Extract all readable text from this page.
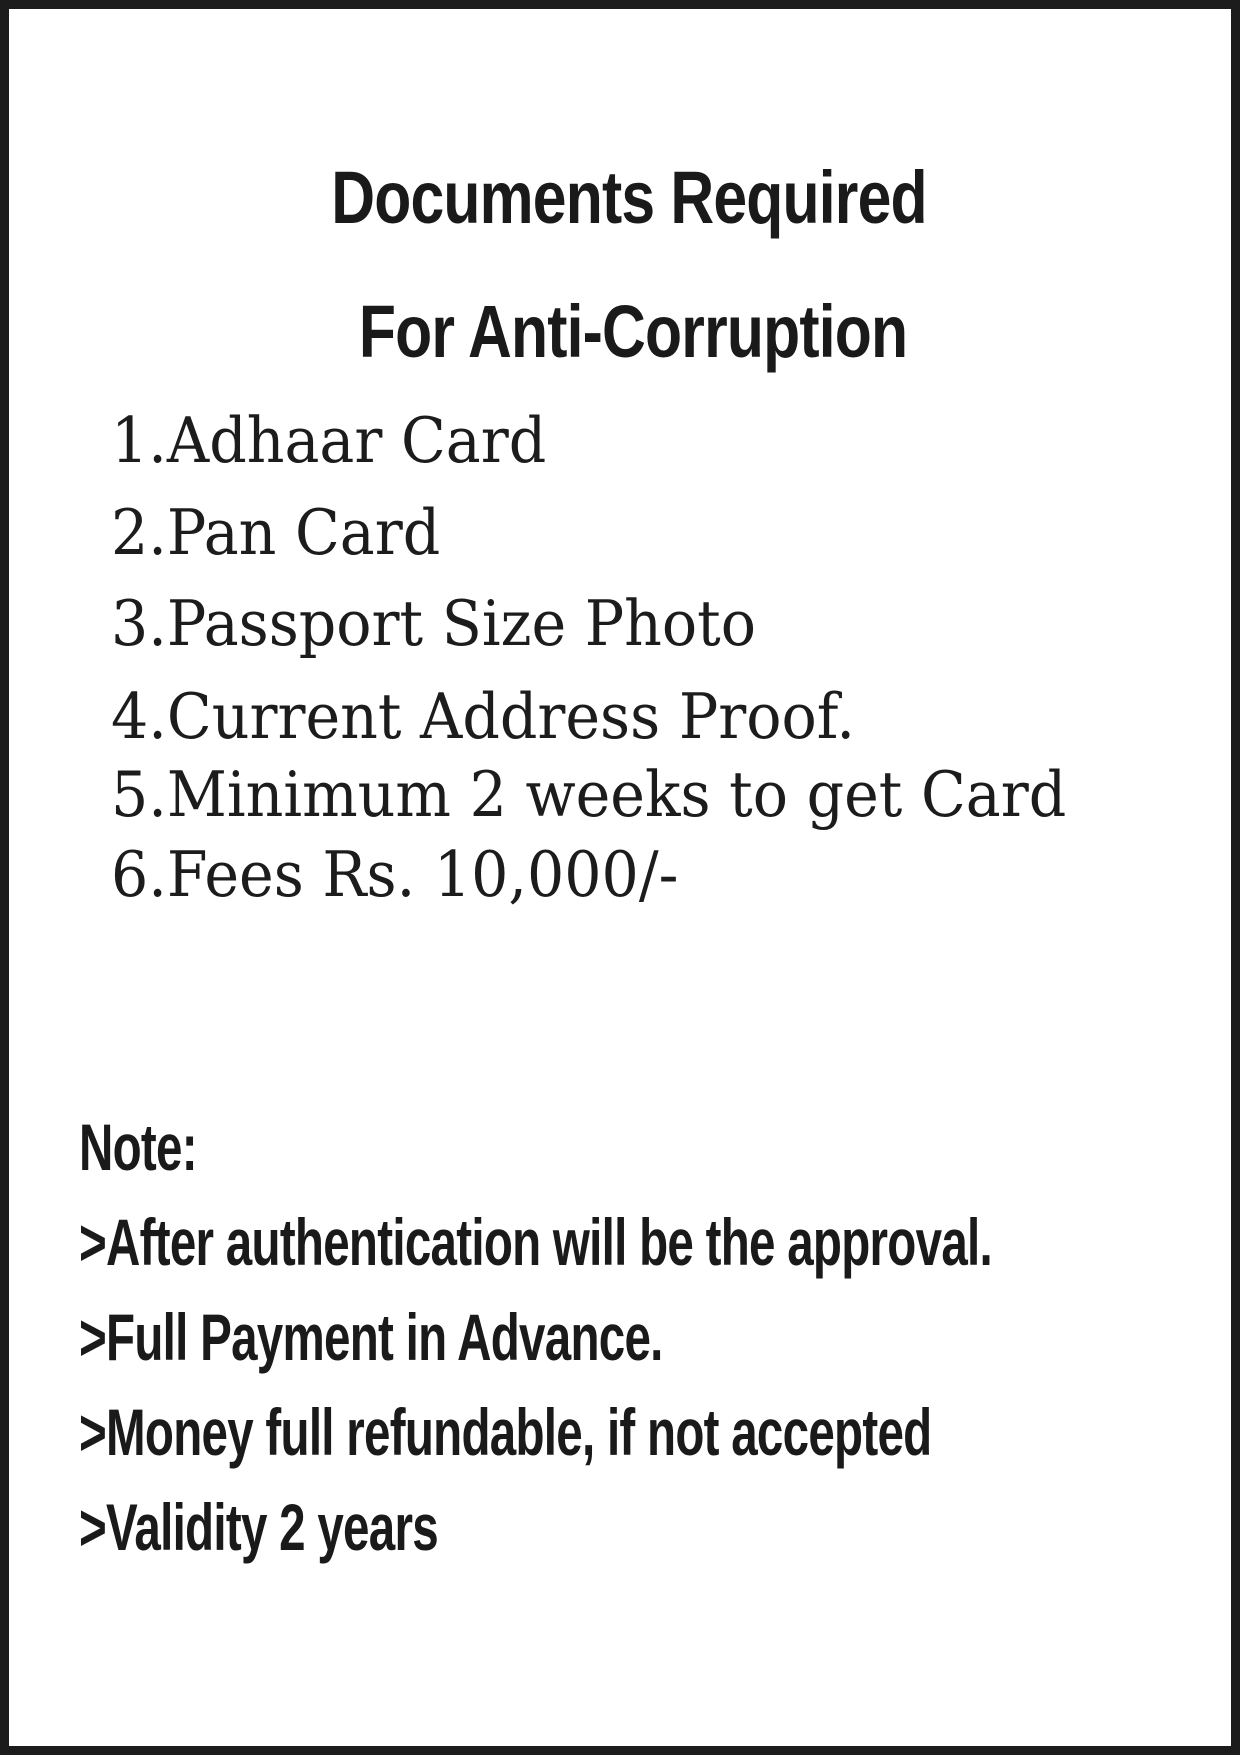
Documents Required
For Anti-Corruption
1.Adhaar Card
2.Pan Card
3.Passport Size Photo
4.Current Address Proof.
5.Minimum 2 weeks to get Card
6.Fees Rs. 10,000/-
Note:
>After authentication will be the approval.
>Full Payment in Advance.
>Money full refundable, if not accepted
>Validity 2 years
